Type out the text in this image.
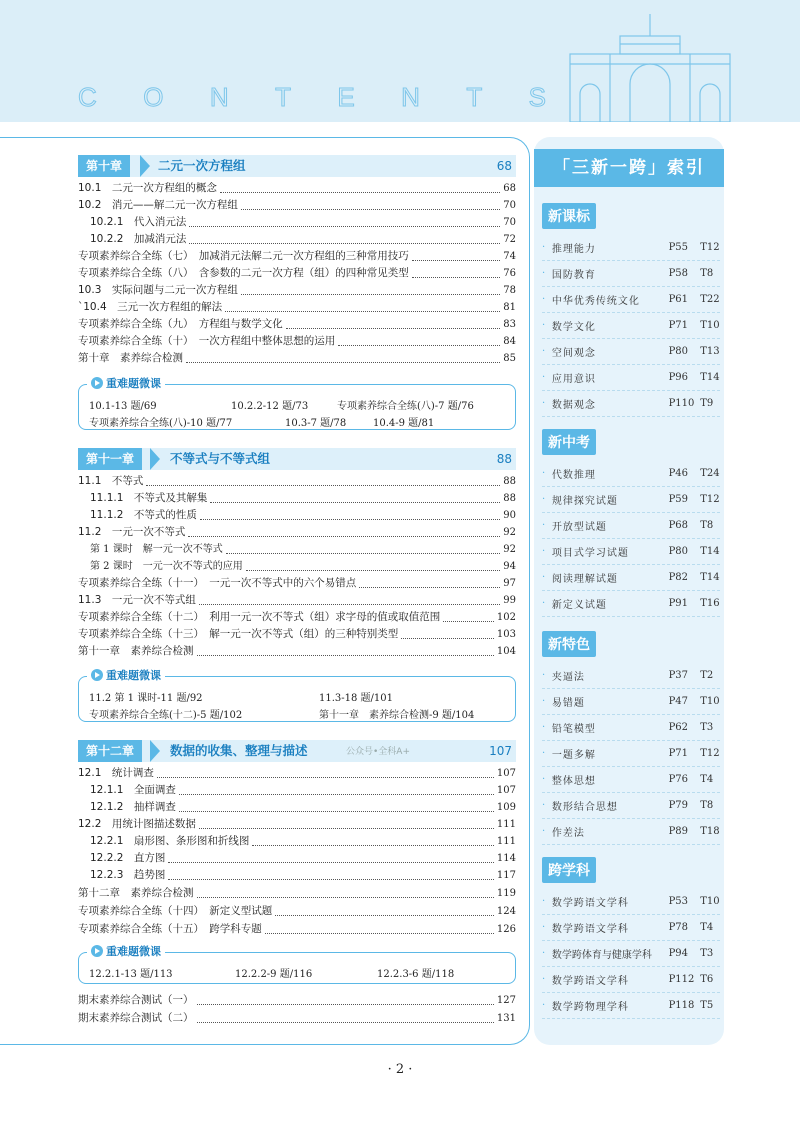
C O N T E N T S
第十章	二元一次方程组	68
10.1　二元一次方程组的概念	68
10.2　消元——解二元一次方程组	70
10.2.1　代入消元法	70
10.2.2　加减消元法	72
专项素养综合全练（七）　加减消元法解二元一次方程组的三种常用技巧	74
专项素养综合全练（八）　含参数的二元一次方程（组）的四种常见类型	76
10.3　实际问题与二元一次方程组	78
`10.4　三元一次方程组的解法	81
专项素养综合全练（九）　方程组与数学文化	83
专项素养综合全练（十）　一次方程组中整体思想的运用	84
第十章　素养综合检测	85
重难题微课
10.1-13 题/69	10.2.2-12 题/73	专项素养综合全练(八)-7 题/76
专项素养综合全练(八)-10 题/77	10.3-7 题/78	10.4-9 题/81
第十一章	不等式与不等式组	88
11.1　不等式	88
11.1.1　不等式及其解集	88
11.1.2　不等式的性质	90
11.2　一元一次不等式	92
第 1 课时　解一元一次不等式	92
第 2 课时　一元一次不等式的应用	94
专项素养综合全练（十一）　一元一次不等式中的六个易错点	97
11.3　一元一次不等式组	99
专项素养综合全练（十二）　利用一元一次不等式（组）求字母的值或取值范围	102
专项素养综合全练（十三）　解一元一次不等式（组）的三种特别类型	103
第十一章　素养综合检测	104
重难题微课
11.2 第 1 课时-11 题/92	11.3-18 题/101
专项素养综合全练(十二)-5 题/102	第十一章　素养综合检测-9 题/104
第十二章	数据的收集、整理与描述	公众号•全科A+	107
12.1　统计调查	107
12.1.1　全面调查	107
12.1.2　抽样调查	109
12.2　用统计图描述数据	111
12.2.1　扇形图、条形图和折线图	111
12.2.2　直方图	114
12.2.3　趋势图	117
第十二章　素养综合检测	119
专项素养综合全练（十四）　新定义型试题	124
专项素养综合全练（十五）　跨学科专题	126
重难题微课
12.2.1-13 题/113	12.2.2-9 题/116	12.2.3-6 题/118
期末素养综合测试（一）	127
期末素养综合测试（二）	131
「三新一跨」索引
新课标
· 推理能力	P55	T12
· 国防教育	P58	T8
· 中华优秀传统文化	P61	T22
· 数学文化	P71	T10
· 空间观念	P80	T13
· 应用意识	P96	T14
· 数据观念	P110 T9
新中考
· 代数推理	P46	T24
· 规律探究试题	P59	T12
· 开放型试题	P68	T8
· 项目式学习试题	P80	T14
· 阅读理解试题	P82	T14
· 新定义试题	P91	T16
新特色
· 夹逼法	P37	T2
· 易错题	P47	T10
· 铅笔模型	P62	T3
· 一题多解	P71	T12
· 整体思想	P76	T4
· 数形结合思想	P79	T8
· 作差法	P89	T18
跨学科
· 数学跨语文学科	P53	T10
· 数学跨语文学科	P78	T4
· 数学跨体育与健康学科	P94	T3
· 数学跨语文学科	P112 T6
· 数学跨物理学科	P118 T5
· 2 ·
